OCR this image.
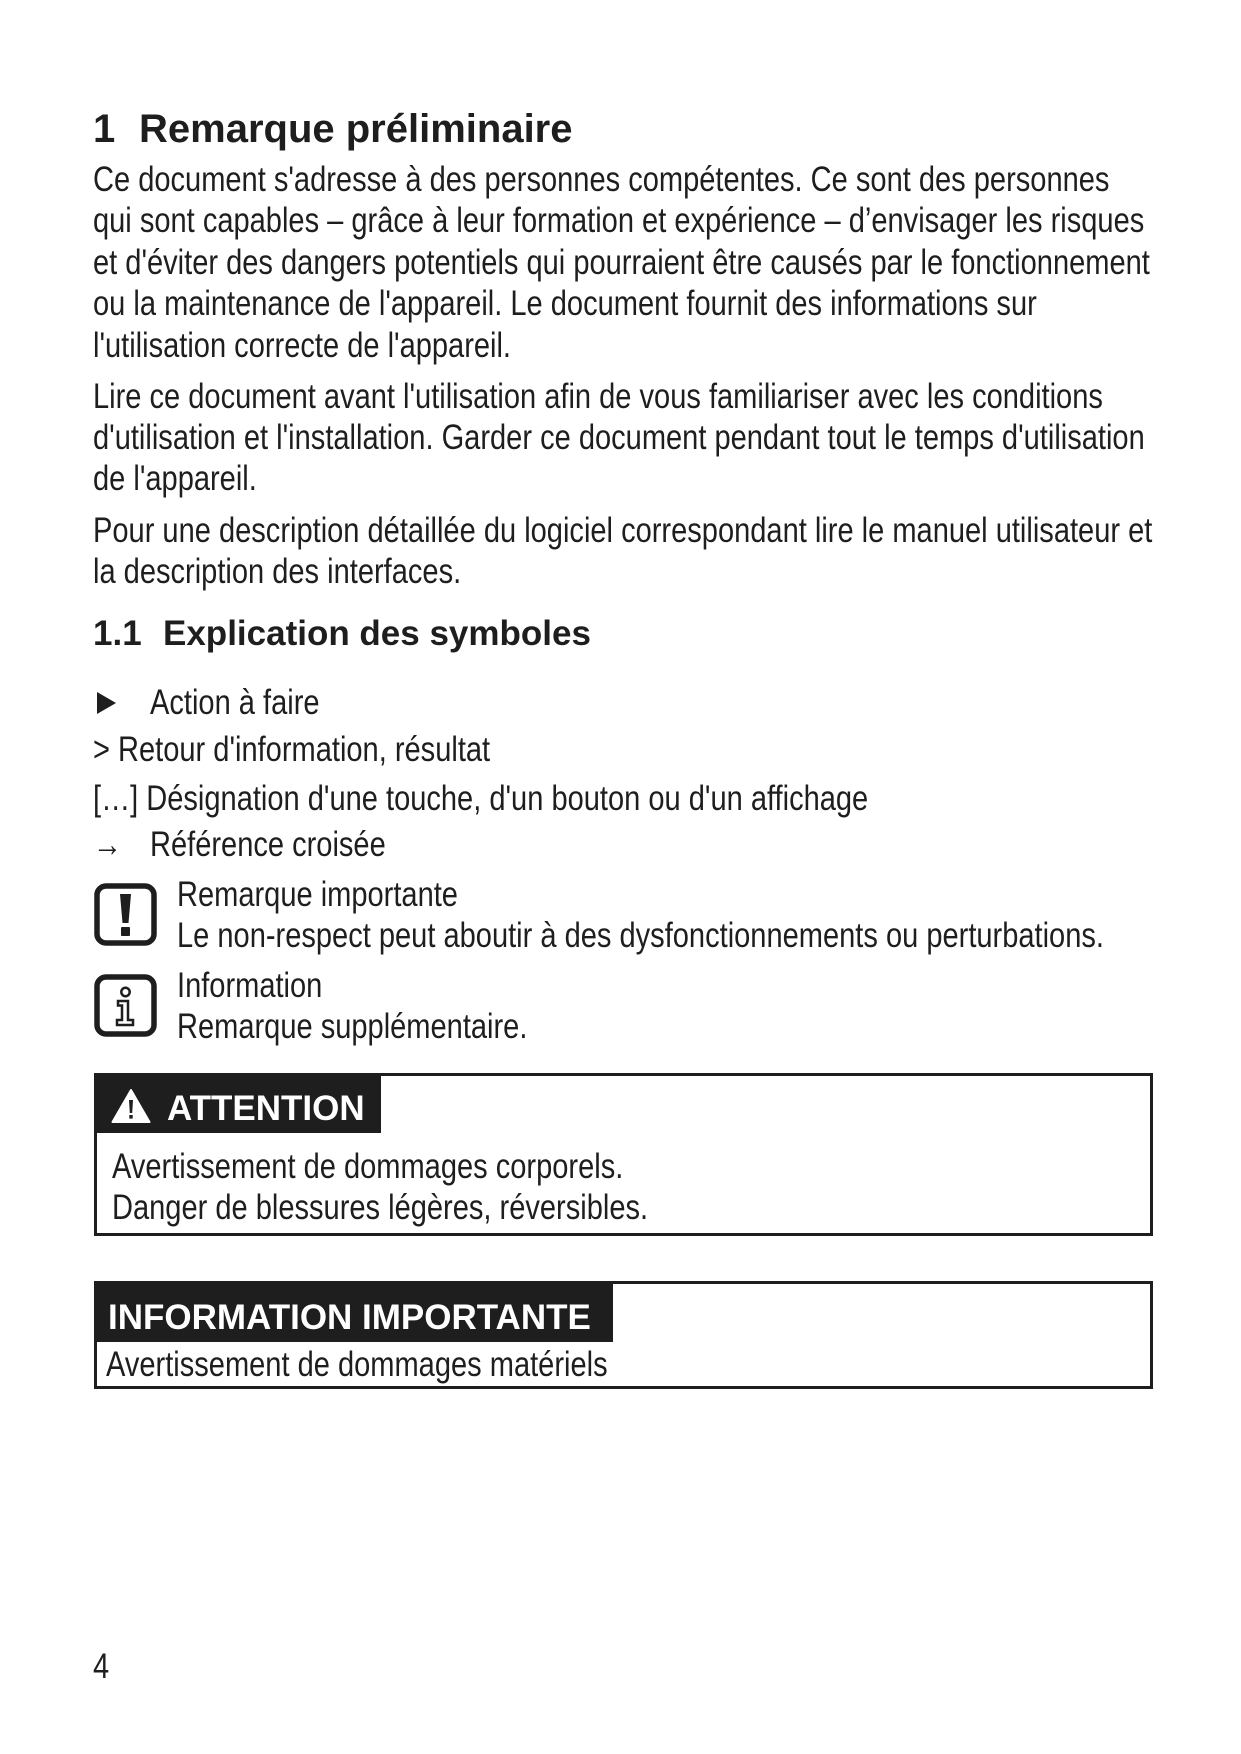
1 Remarque préliminaire
Ce document s'adresse à des personnes compétentes. Ce sont des personnes
qui sont capables – grâce à leur formation et expérience – d’envisager les risques
et d'éviter des dangers potentiels qui pourraient être causés par le fonctionnement
ou la maintenance de l'appareil. Le document fournit des informations sur
l'utilisation correcte de l'appareil.
Lire ce document avant l'utilisation afin de vous familiariser avec les conditions
d'utilisation et l'installation. Garder ce document pendant tout le temps d'utilisation
de l'appareil.
Pour une description détaillée du logiciel correspondant lire le manuel utilisateur et
la description des interfaces.
1.1 Explication des symboles
Action à faire
> Retour d'information, résultat
[…] Désignation d'une touche, d'un bouton ou d'un affichage
→ Référence croisée
Remarque importante
Le non-respect peut aboutir à des dysfonctionnements ou perturbations.
Information
Remarque supplémentaire.
ATTENTION
Avertissement de dommages corporels.
Danger de blessures légères, réversibles.
INFORMATION IMPORTANTE
Avertissement de dommages matériels
4
